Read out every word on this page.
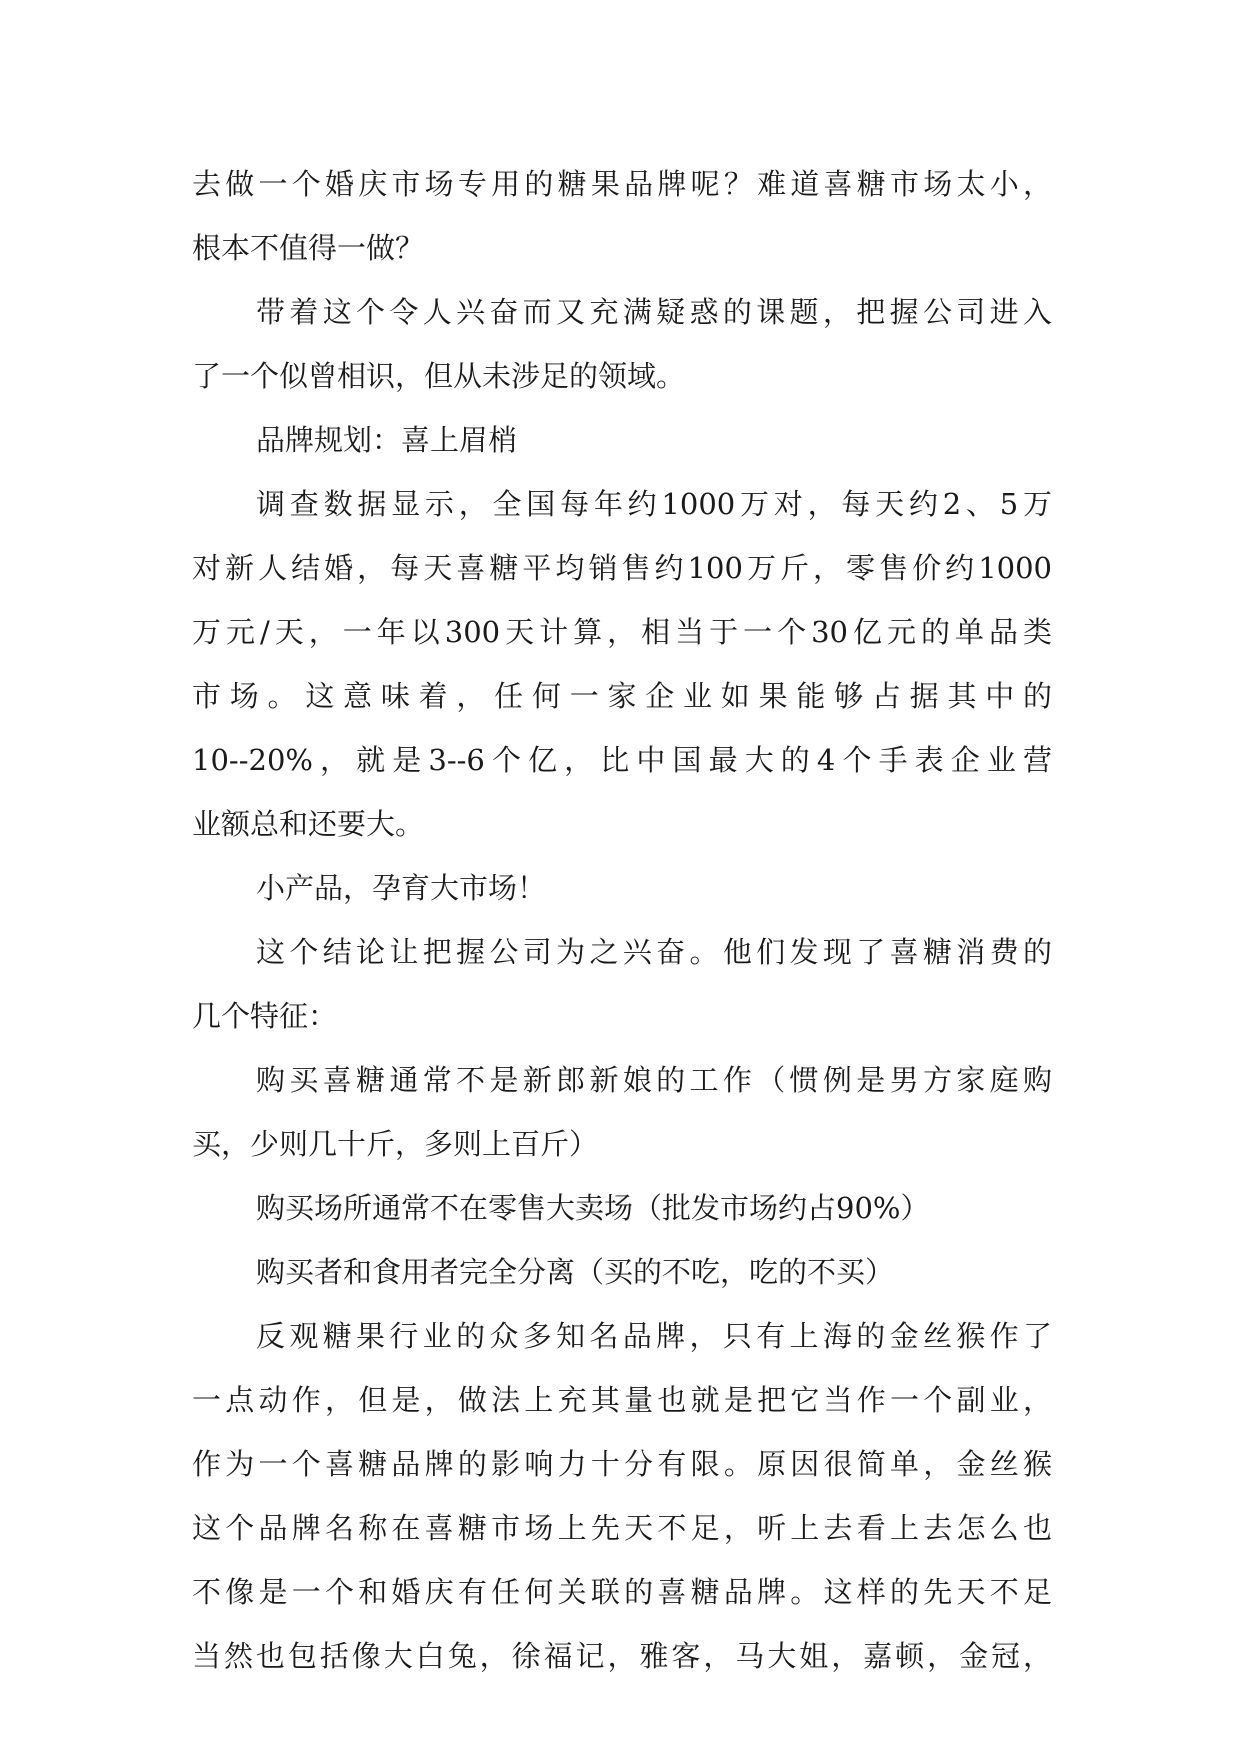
去做一个婚庆市场专用的糖果品牌呢？难道喜糖市场太小，
根本不值得一做？
带着这个令人兴奋而又充满疑惑的课题，把握公司进入
了一个似曾相识，但从未涉足的领域。
品牌规划：喜上眉梢
调查数据显示，全国每年约1000万对，每天约2、5万
对新人结婚，每天喜糖平均销售约100万斤，零售价约1000
万元/天，一年以300天计算，相当于一个30亿元的单品类
市场。这意味着，任何一家企业如果能够占据其中的
10--20%，就是3--6个亿，比中国最大的4个手表企业营
业额总和还要大。
小产品，孕育大市场！
这个结论让把握公司为之兴奋。他们发现了喜糖消费的
几个特征：
购买喜糖通常不是新郎新娘的工作（惯例是男方家庭购
买，少则几十斤，多则上百斤）
购买场所通常不在零售大卖场（批发市场约占90%）
购买者和食用者完全分离（买的不吃，吃的不买）
反观糖果行业的众多知名品牌，只有上海的金丝猴作了
一点动作，但是，做法上充其量也就是把它当作一个副业，
作为一个喜糖品牌的影响力十分有限。原因很简单，金丝猴
这个品牌名称在喜糖市场上先天不足，听上去看上去怎么也
不像是一个和婚庆有任何关联的喜糖品牌。这样的先天不足
当然也包括像大白兔，徐福记，雅客，马大姐，嘉顿，金冠，
